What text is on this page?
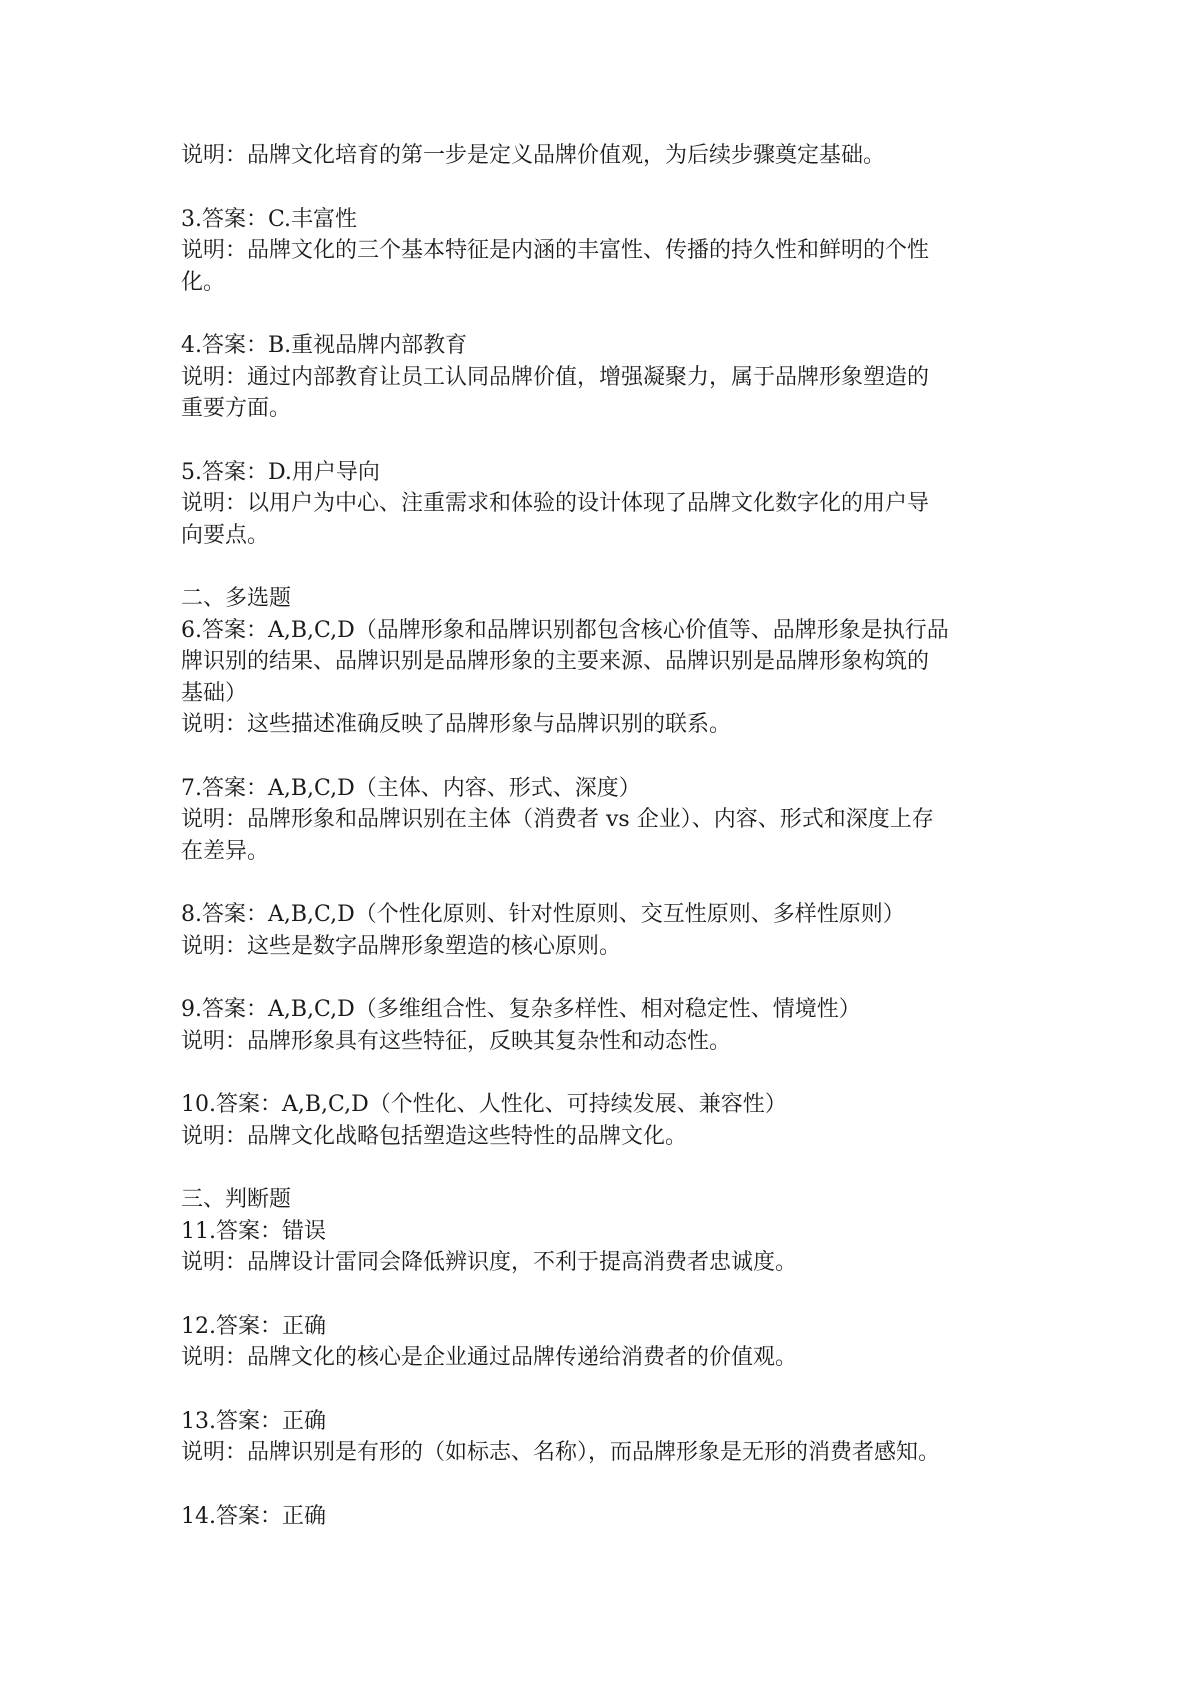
说明：品牌文化培育的第一步是定义品牌价值观，为后续步骤奠定基础。
3.答案：C.丰富性
说明：品牌文化的三个基本特征是内涵的丰富性、传播的持久性和鲜明的个性
化。
4.答案：B.重视品牌内部教育
说明：通过内部教育让员工认同品牌价值，增强凝聚力，属于品牌形象塑造的
重要方面。
5.答案：D.用户导向
说明：以用户为中心、注重需求和体验的设计体现了品牌文化数字化的用户导
向要点。
二、多选题
6.答案：A,B,C,D（品牌形象和品牌识别都包含核心价值等、品牌形象是执行品
牌识别的结果、品牌识别是品牌形象的主要来源、品牌识别是品牌形象构筑的
基础）
说明：这些描述准确反映了品牌形象与品牌识别的联系。
7.答案：A,B,C,D（主体、内容、形式、深度）
说明：品牌形象和品牌识别在主体（消费者 vs 企业）、内容、形式和深度上存
在差异。
8.答案：A,B,C,D（个性化原则、针对性原则、交互性原则、多样性原则）
说明：这些是数字品牌形象塑造的核心原则。
9.答案：A,B,C,D（多维组合性、复杂多样性、相对稳定性、情境性）
说明：品牌形象具有这些特征，反映其复杂性和动态性。
10.答案：A,B,C,D（个性化、人性化、可持续发展、兼容性）
说明：品牌文化战略包括塑造这些特性的品牌文化。
三、判断题
11.答案：错误
说明：品牌设计雷同会降低辨识度，不利于提高消费者忠诚度。
12.答案：正确
说明：品牌文化的核心是企业通过品牌传递给消费者的价值观。
13.答案：正确
说明：品牌识别是有形的（如标志、名称），而品牌形象是无形的消费者感知。
14.答案：正确
